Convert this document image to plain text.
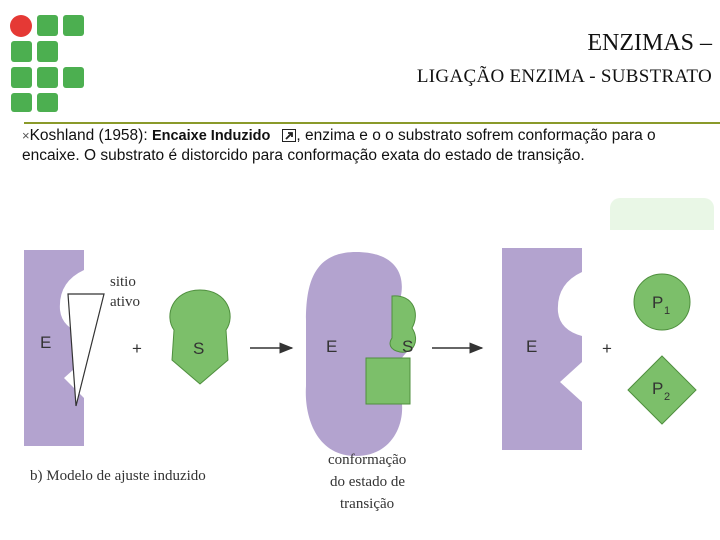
ENZIMAS –
LIGAÇÃO ENZIMA - SUBSTRATO
×Koshland (1958): Encaixe Induzido , enzima e o o substrato sofrem conformação para o encaixe. O substrato é distorcido para conformação exata do estado de transição.
E
sitio
ativo
+	S	E	S
conformação
do estado de
transição
E	+
P 1
P 2
b) Modelo de ajuste induzido
